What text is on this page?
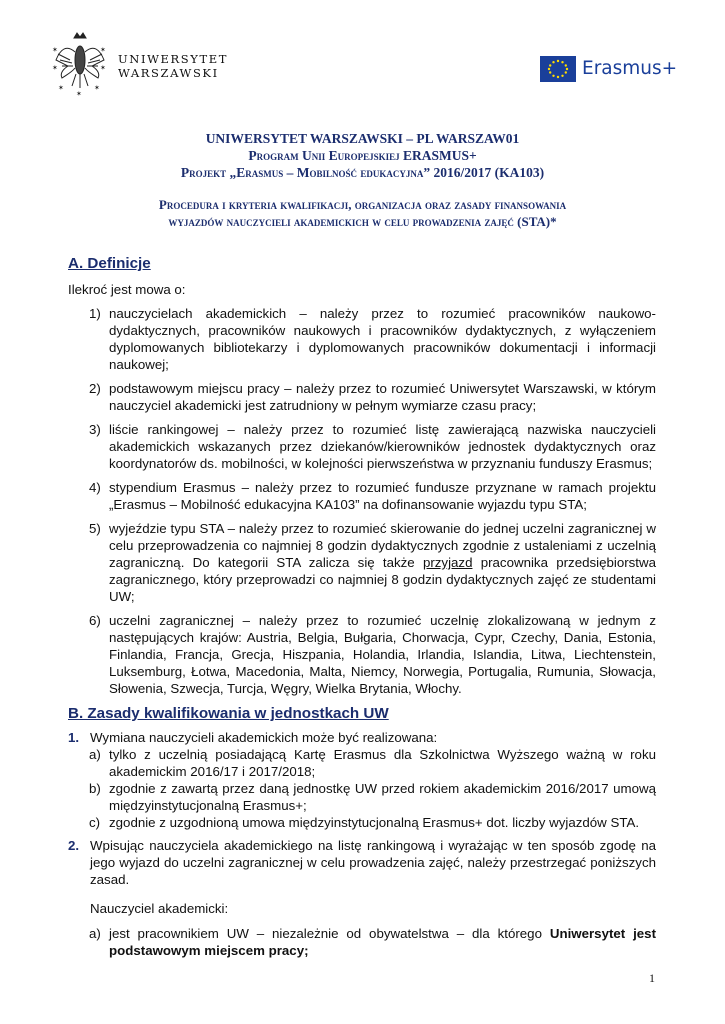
✶	✶
✶	✶
✶	✶
✶
UNIWERSYTET
WARSZAWSKI	Erasmus+
UNIWERSYTET WARSZAWSKI – PL WARSZAW01
Program Unii Europejskiej ERASMUS+
Projekt „Erasmus – Mobilność edukacyjna” 2016/2017 (KA103)
Procedura i kryteria kwalifikacji, organizacja oraz zasady finansowania
wyjazdów nauczycieli akademickich w celu prowadzenia zajęć (STA)*
A. Definicje
Ilekroć jest mowa o:
1) nauczycielach akademickich – należy przez to rozumieć pracowników naukowo-dydaktycznych, pracowników naukowych i pracowników dydaktycznych, z wyłączeniem dyplomowanych bibliotekarzy i dyplomowanych pracowników dokumentacji i informacji naukowej;
2) podstawowym miejscu pracy – należy przez to rozumieć Uniwersytet Warszawski, w którym nauczyciel akademicki jest zatrudniony w pełnym wymiarze czasu pracy;
3) liście rankingowej – należy przez to rozumieć listę zawierającą nazwiska nauczycieli akademickich wskazanych przez dziekanów/kierowników jednostek dydaktycznych oraz koordynatorów ds. mobilności, w kolejności pierwszeństwa w przyznaniu funduszy Erasmus;
4) stypendium Erasmus – należy przez to rozumieć fundusze przyznane w ramach projektu „Erasmus – Mobilność edukacyjna KA103” na dofinansowanie wyjazdu typu STA;
5) wyjeździe typu STA – należy przez to rozumieć skierowanie do jednej uczelni zagranicznej w celu przeprowadzenia co najmniej 8 godzin dydaktycznych zgodnie z ustaleniami z uczelnią zagraniczną. Do kategorii STA zalicza się także przyjazd pracownika przedsiębiorstwa zagranicznego, który przeprowadzi co najmniej 8 godzin dydaktycznych zajęć ze studentami UW;
6) uczelni zagranicznej – należy przez to rozumieć uczelnię zlokalizowaną w jednym z następujących krajów: Austria, Belgia, Bułgaria, Chorwacja, Cypr, Czechy, Dania, Estonia, Finlandia, Francja, Grecja, Hiszpania, Holandia, Irlandia, Islandia, Litwa, Liechtenstein, Luksemburg, Łotwa, Macedonia, Malta, Niemcy, Norwegia, Portugalia, Rumunia, Słowacja, Słowenia, Szwecja, Turcja, Węgry, Wielka Brytania, Włochy.
B. Zasady kwalifikowania w jednostkach UW
1. Wymiana nauczycieli akademickich może być realizowana:
a) tylko z uczelnią posiadającą Kartę Erasmus dla Szkolnictwa Wyższego ważną w roku akademickim 2016/17 i 2017/2018;
b) zgodnie z zawartą przez daną jednostkę UW przed rokiem akademickim 2016/2017 umową międzyinstytucjonalną Erasmus+;
c) zgodnie z uzgodnioną umowa międzyinstytucjonalną Erasmus+ dot. liczby wyjazdów STA.
2. Wpisując nauczyciela akademickiego na listę rankingową i wyrażając w ten sposób zgodę na jego wyjazd do uczelni zagranicznej w celu prowadzenia zajęć, należy przestrzegać poniższych zasad.
Nauczyciel akademicki:
a) jest pracownikiem UW – niezależnie od obywatelstwa – dla którego Uniwersytet jest podstawowym miejscem pracy;
1
